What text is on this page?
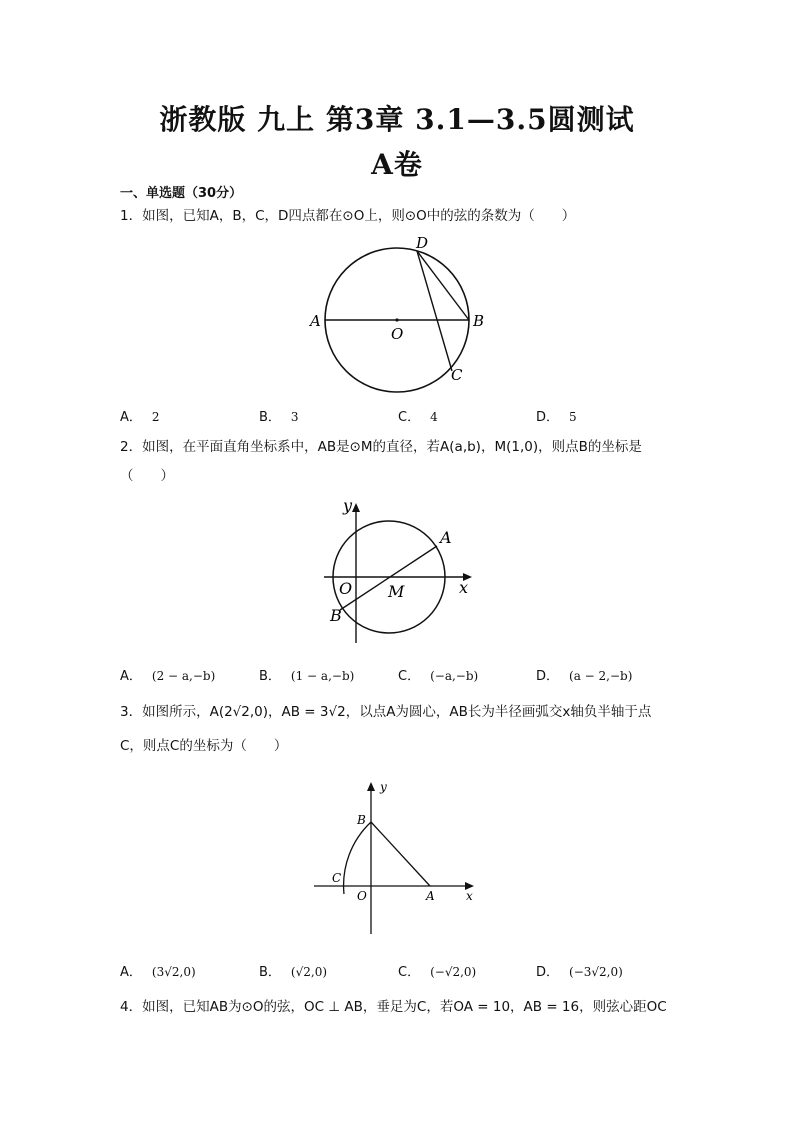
浙教版 九上 第3章 3.1—3.5圆测试
A卷
一、单选题（30分）
1．如图，已知A，B，C，D四点都在⊙O上，则⊙O中的弦的条数为（　　）
A	B
C
D
O
A． 2	B． 3	C． 4	D． 5
2．如图，在平面直角坐标系中，AB是⊙M的直径，若A(a,b)，M(1,0)，则点B的坐标是
（　　）
y
x
A
O M
B
A． (2 − a,−b)	B． (1 − a,−b)	C． (−a,−b)	D． (a − 2,−b)
3．如图所示，A(2√2,0)，AB = 3√2，以点A为圆心，AB长为半径画弧交x轴负半轴于点
C，则点C的坐标为（　　）
y
x
B
C
O	A
A． (3√2,0)	B． (√2,0)	C． (−√2,0)	D． (−3√2,0)
4．如图，已知AB为⊙O的弦，OC ⊥ AB，垂足为C，若OA = 10，AB = 16，则弦心距OC
